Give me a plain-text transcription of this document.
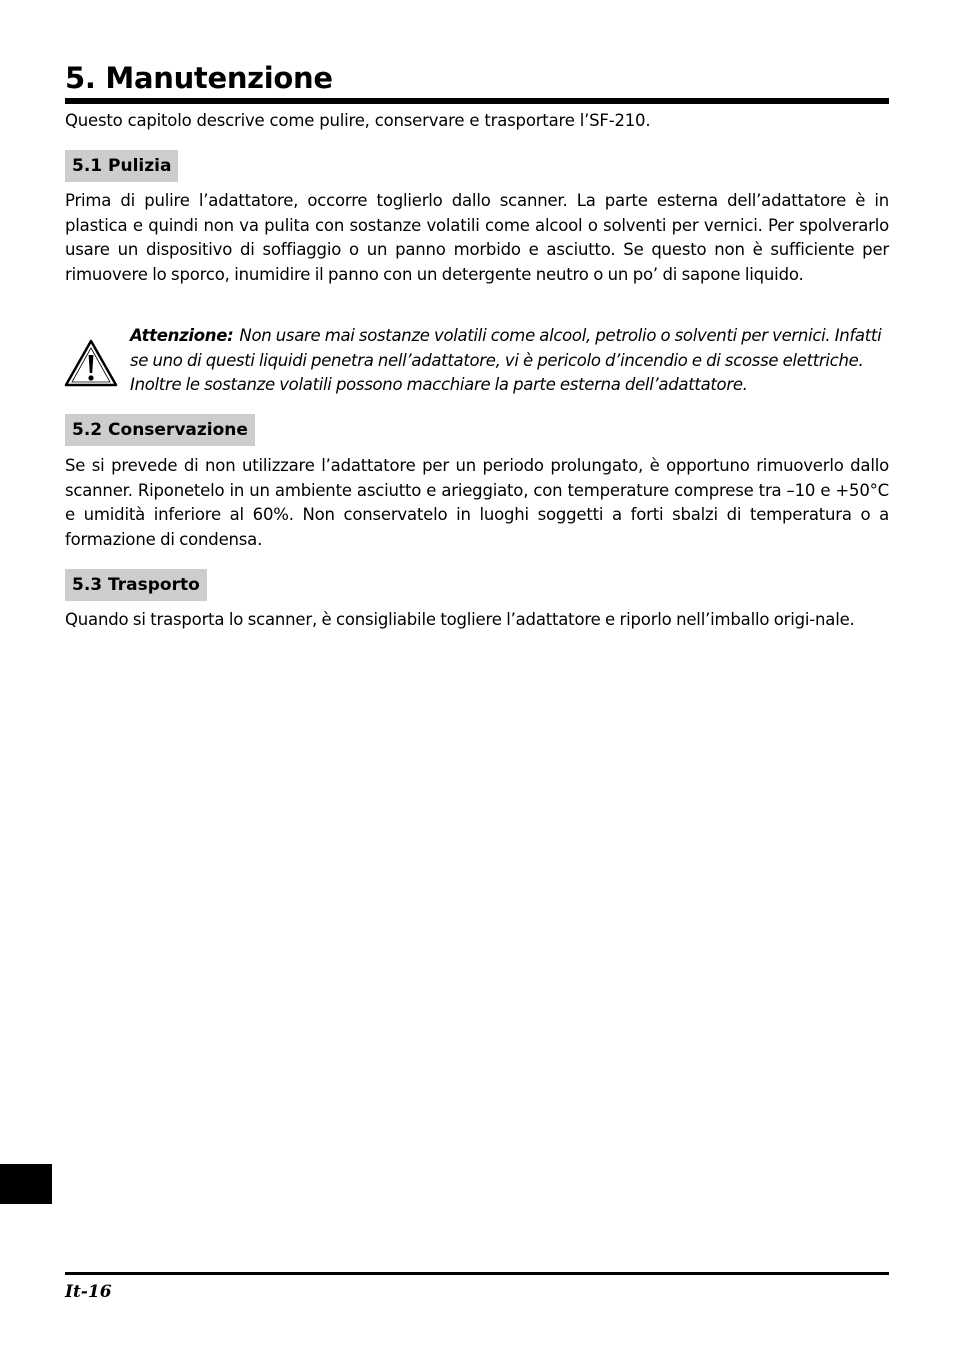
5. Manutenzione

Questo capitolo descrive come pulire, conservare e trasportare l’SF-210.

5.1 Pulizia

Prima di pulire l’adattatore, occorre toglierlo dallo scanner. La parte esterna dell’adattatore è in plastica e quindi non va pulita con sostanze volatili come alcool o solventi per vernici. Per spolverarlo usare un dispositivo di soffiaggio o un panno morbido e asciutto. Se questo non è sufficiente per rimuovere lo sporco, inumidire il panno con un detergente neutro o un po’ di sapone liquido.

Attenzione: Non usare mai sostanze volatili come alcool, petrolio o solventi per vernici. Infatti se uno di questi liquidi penetra nell’adattatore, vi è pericolo d’incendio e di scosse elettriche. Inoltre le sostanze volatili possono macchiare la parte esterna dell’adattatore.

5.2 Conservazione

Se si prevede di non utilizzare l’adattatore per un periodo prolungato, è opportuno rimuoverlo dallo scanner. Riponetelo in un ambiente asciutto e arieggiato, con temperature comprese tra –10 e +50°C e umidità inferiore al 60%. Non conservatelo in luoghi soggetti a forti sbalzi di temperatura o a formazione di condensa.

5.3 Trasporto

Quando si trasporta lo scanner, è consigliabile togliere l’adattatore e riporlo nell’imballo origi-nale.

It-16
